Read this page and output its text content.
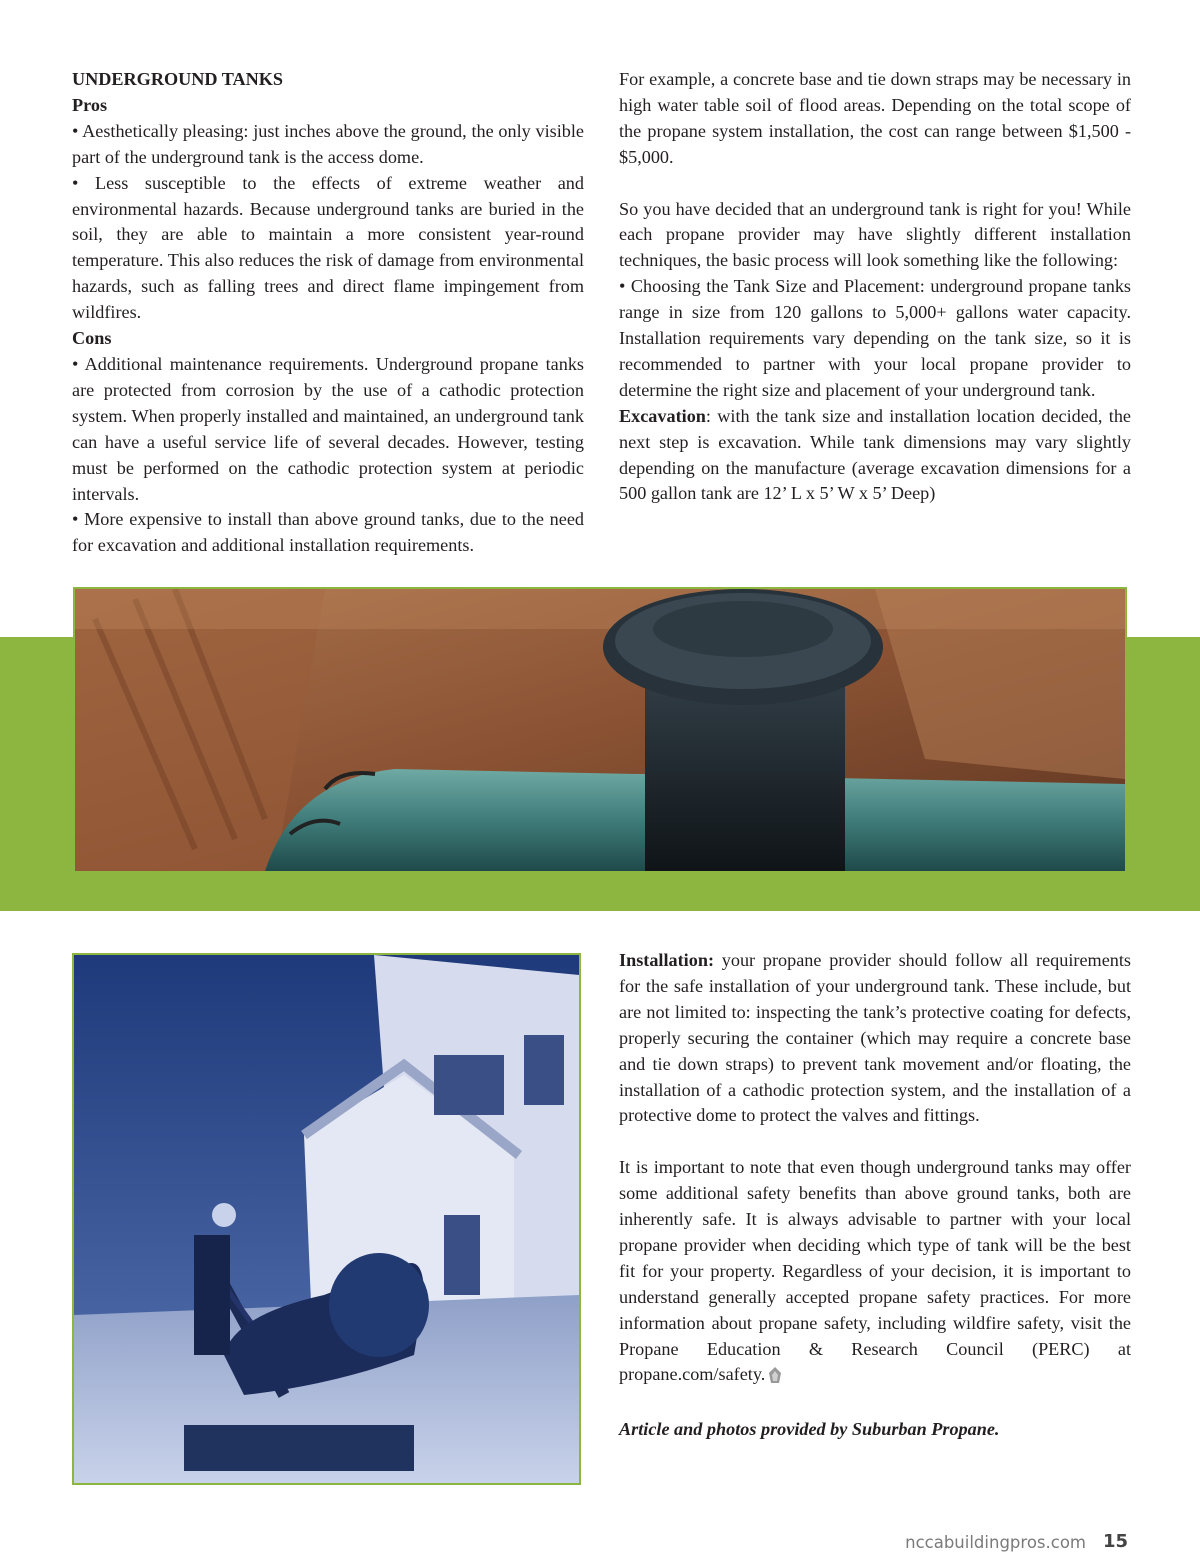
UNDERGROUND TANKS

Pros

• Aesthetically pleasing: just inches above the ground, the only visible part of the underground tank is the access dome.

• Less susceptible to the effects of extreme weather and environmental hazards. Because underground tanks are buried in the soil, they are able to maintain a more consistent year-round temperature. This also reduces the risk of damage from environmental hazards, such as falling trees and direct flame impingement from wildfires.

Cons

• Additional maintenance requirements. Underground propane tanks are protected from corrosion by the use of a cathodic protection system. When properly installed and maintained, an underground tank can have a useful service life of several decades. However, testing must be performed on the cathodic protection system at periodic intervals.

• More expensive to install than above ground tanks, due to the need for excavation and additional installation requirements.

For example, a concrete base and tie down straps may be necessary in high water table soil of flood areas. Depending on the total scope of the propane system installation, the cost can range between $1,500 - $5,000.

So you have decided that an underground tank is right for you! While each propane provider may have slightly different installation techniques, the basic process will look something like the following:

• Choosing the Tank Size and Placement: underground propane tanks range in size from 120 gallons to 5,000+ gallons water capacity. Installation requirements vary depending on the tank size, so it is recommended to partner with your local propane provider to determine the right size and placement of your underground tank.

Excavation: with the tank size and installation location decided, the next step is excavation. While tank dimensions may vary slightly depending on the manufacture (average excavation dimensions for a 500 gallon tank are 12’ L x 5’ W x 5’ Deep)

Installation: your propane provider should follow all requirements for the safe installation of your underground tank. These include, but are not limited to: inspecting the tank’s protective coating for defects, properly securing the container (which may require a concrete base and tie down straps) to prevent tank movement and/or floating, the installation of a cathodic protection system, and the installation of a protective dome to protect the valves and fittings.

It is important to note that even though underground tanks may offer some additional safety benefits than above ground tanks, both are inherently safe. It is always advisable to partner with your local propane provider when deciding which type of tank will be the best fit for your property. Regardless of your decision, it is important to understand generally accepted propane safety practices. For more information about propane safety, including wildfire safety, visit the Propane Education & Research Council (PERC) at propane.com/safety.

Article and photos provided by Suburban Propane.

nccabuildingpros.com 15
